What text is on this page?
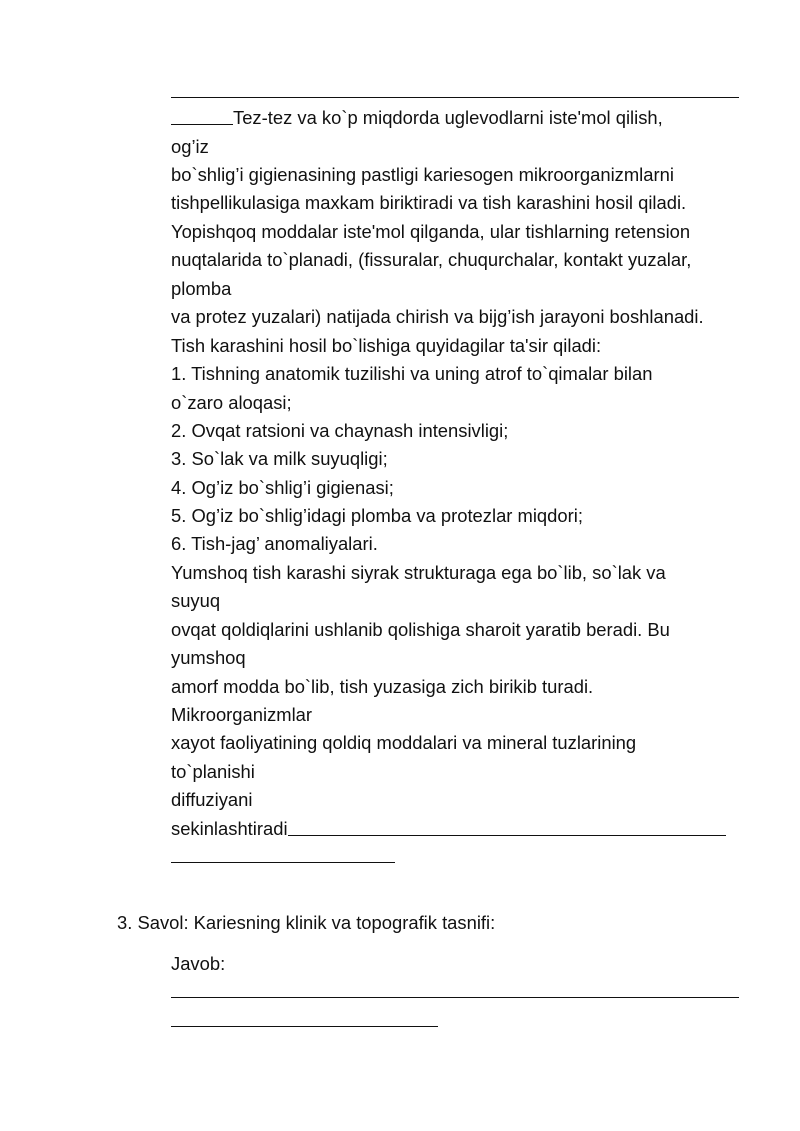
Tez-tez va ko`p miqdorda uglevodlarni iste'mol qilish,
og’iz
bo`shlig’i gigienasining pastligi kariesogen mikroorganizmlarni
tishpellikulasiga maxkam biriktiradi va tish karashini hosil qiladi.
Yopishqoq moddalar iste'mol qilganda, ular tishlarning retension
nuqtalarida to`planadi, (fissuralar, chuqurchalar, kontakt yuzalar,
plomba
va protez yuzalari) natijada chirish va bijg’ish jarayoni boshlanadi.
Tish karashini hosil bo`lishiga quyidagilar ta'sir qiladi:
1. Tishning anatomik tuzilishi va uning atrof to`qimalar bilan
o`zaro aloqasi;
2. Ovqat ratsioni va chaynash intensivligi;
3. So`lak va milk suyuqligi;
4. Og’iz bo`shlig’i gigienasi;
5. Og’iz bo`shlig’idagi plomba va protezlar miqdori;
6. Tish-jag’ anomaliyalari.
Yumshoq tish karashi siyrak strukturaga ega bo`lib, so`lak va
suyuq
ovqat qoldiqlarini ushlanib qolishiga sharoit yaratib beradi. Bu
yumshoq
amorf modda bo`lib, tish yuzasiga zich birikib turadi.
Mikroorganizmlar
xayot faoliyatining qoldiq moddalari va mineral tuzlarining
to`planishi
diffuziyani
sekinlashtiradi
3. Savol: Kariesning klinik va topografik tasnifi:
Javob:
